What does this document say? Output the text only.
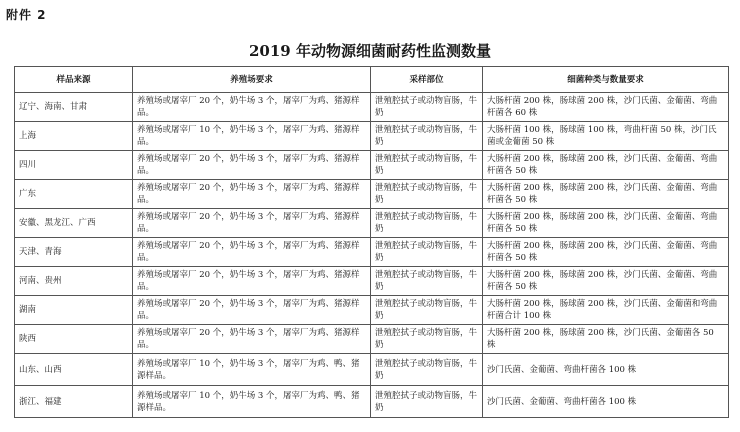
附件 2
2019 年动物源细菌耐药性监测数量
样品来源	养殖场要求	采样部位	细菌种类与数量要求
辽宁、海南、甘肃	养殖场或屠宰厂 20 个，奶牛场 3 个，屠宰厂为鸡、猪源样品。	泄殖腔拭子或动物盲肠，牛奶	大肠杆菌 200 株，肠球菌 200 株，沙门氏菌、金葡菌、弯曲杆菌各 60 株
上海	养殖场或屠宰厂 10 个，奶牛场 3 个，屠宰厂为鸡、猪源样品。	泄殖腔拭子或动物盲肠，牛奶	大肠杆菌 100 株，肠球菌 100 株，弯曲杆菌 50 株，沙门氏菌或金葡菌 50 株
四川	养殖场或屠宰厂 20 个，奶牛场 3 个，屠宰厂为鸡、猪源样品。	泄殖腔拭子或动物盲肠，牛奶	大肠杆菌 200 株，肠球菌 200 株，沙门氏菌、金葡菌、弯曲杆菌各 50 株
广东	养殖场或屠宰厂 20 个，奶牛场 3 个，屠宰厂为鸡、猪源样品。	泄殖腔拭子或动物盲肠，牛奶	大肠杆菌 200 株，肠球菌 200 株，沙门氏菌、金葡菌、弯曲杆菌各 50 株
安徽、黑龙江、广西	养殖场或屠宰厂 20 个，奶牛场 3 个，屠宰厂为鸡、猪源样品。	泄殖腔拭子或动物盲肠，牛奶	大肠杆菌 200 株，肠球菌 200 株，沙门氏菌、金葡菌、弯曲杆菌各 50 株
天津、青海	养殖场或屠宰厂 20 个，奶牛场 3 个，屠宰厂为鸡、猪源样品。	泄殖腔拭子或动物盲肠，牛奶	大肠杆菌 200 株，肠球菌 200 株，沙门氏菌、金葡菌、弯曲杆菌各 50 株
河南、贵州	养殖场或屠宰厂 20 个，奶牛场 3 个，屠宰厂为鸡、猪源样品。	泄殖腔拭子或动物盲肠，牛奶	大肠杆菌 200 株，肠球菌 200 株，沙门氏菌、金葡菌、弯曲杆菌各 50 株
湖南	养殖场或屠宰厂 20 个，奶牛场 3 个，屠宰厂为鸡、猪源样品。	泄殖腔拭子或动物盲肠，牛奶	大肠杆菌 200 株，肠球菌 200 株，沙门氏菌、金葡菌和弯曲杆菌合计 100 株
陕西	养殖场或屠宰厂 20 个，奶牛场 3 个，屠宰厂为鸡、猪源样品。	泄殖腔拭子或动物盲肠，牛奶	大肠杆菌 200 株，肠球菌 200 株，沙门氏菌、金葡菌各 50 株
山东、山西	养殖场或屠宰厂 10 个，奶牛场 3 个，屠宰厂为鸡、鸭、猪源样品。	泄殖腔拭子或动物盲肠，牛奶	沙门氏菌、金葡菌、弯曲杆菌各 100 株
浙江、福建	养殖场或屠宰厂 10 个，奶牛场 3 个，屠宰厂为鸡、鸭、猪源样品。	泄殖腔拭子或动物盲肠，牛奶	沙门氏菌、金葡菌、弯曲杆菌各 100 株
